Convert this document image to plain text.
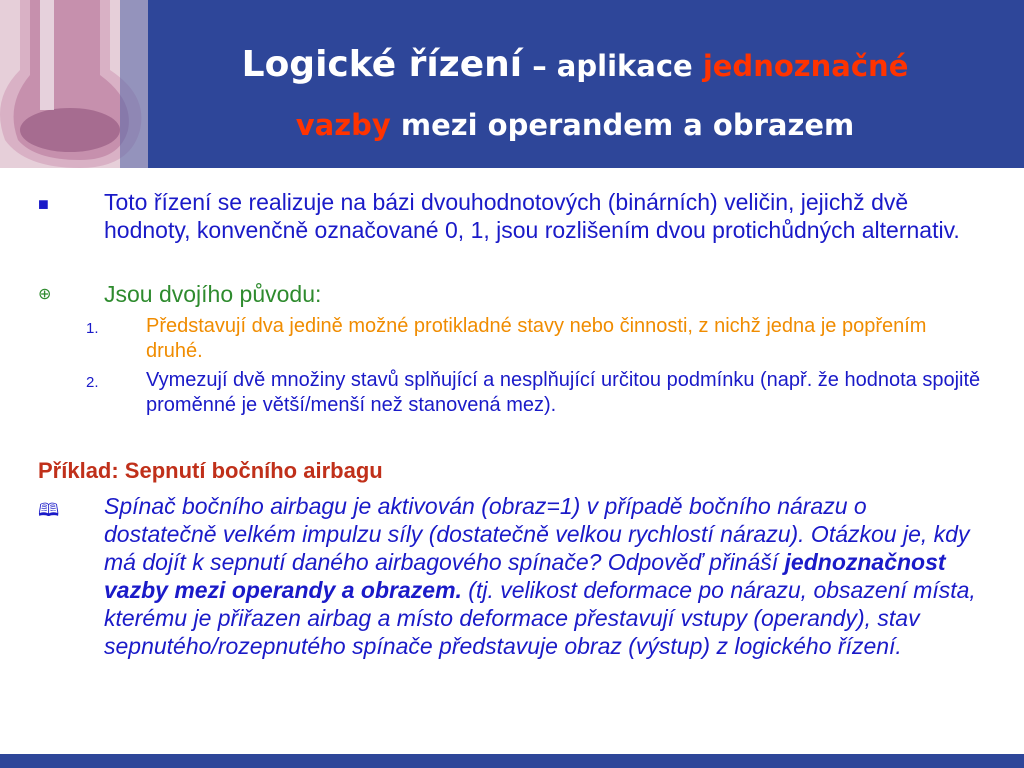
Logické řízení – aplikace jednoznačné
vazby mezi operandem a obrazem
■	Toto řízení se realizuje na bázi dvouhodnotových (binárních) veličin, jejichž dvě hodnoty, konvenčně označované 0, 1, jsou rozlišením dvou protichůdných alternativ.
⊕ Jsou dvojího původu:
1. Představují dva jedině možné protikladné stavy nebo činnosti, z nichž jedna je popřením druhé.
2. Vymezují dvě množiny stavů splňující a nesplňující určitou podmínku (např. že hodnota spojitě proměnné je větší/menší než stanovená mez).
Příklad: Sepnutí bočního airbagu
🕮 Spínač bočního airbagu je aktivován (obraz=1) v případě bočního nárazu o dostatečně velkém impulzu síly (dostatečně velkou rychlostí nárazu). Otázkou je, kdy má dojít k sepnutí daného airbagového spínače? Odpověď přináší jednoznačnost vazby mezi operandy a obrazem. (tj. velikost deformace po nárazu, obsazení místa, kterému je přiřazen airbag a místo deformace přestavují vstupy (operandy), stav sepnutého/rozepnutého spínače představuje obraz (výstup) z logického řízení.
